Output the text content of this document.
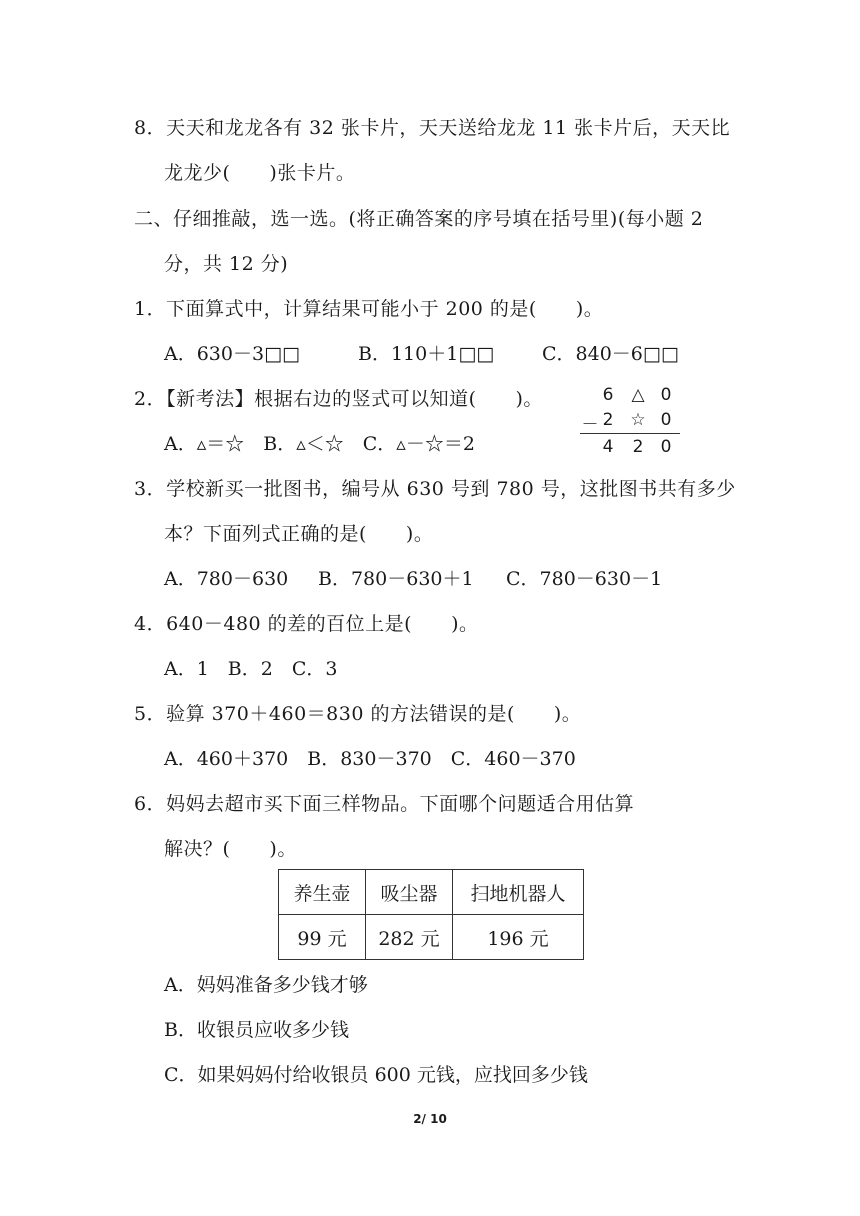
8．天天和龙龙各有 32 张卡片，天天送给龙龙 11 张卡片后，天天比
龙龙少(　　)张卡片。
二、仔细推敲，选一选。(将正确答案的序号填在括号里)(每小题 2
分，共 12 分)
1．下面算式中，计算结果可能小于 200 的是(　　)。
A．630－3□□	B．110＋1□□	C．840－6□□
2．【新考法】根据右边的竖式可以知道(　　)。
A．▵＝☆　B．▵＜☆　C．▵－☆＝2
6 △ 0
－ 2 ☆ 0
4 2 0
3．学校新买一批图书，编号从 630 号到 780 号，这批图书共有多少
本？下面列式正确的是(　　)。
A．780－630 B．780－630＋1 C．780－630－1
4．640－480 的差的百位上是(　　)。
A．1　B．2　C．3
5．验算 370＋460＝830 的方法错误的是(　　)。
A．460＋370　B．830－370　C．460－370
6．妈妈去超市买下面三样物品。下面哪个问题适合用估算
解决？(　　)。
养生壶	吸尘器	扫地机器人
99 元	282 元	196 元
A．妈妈准备多少钱才够
B．收银员应收多少钱
C．如果妈妈付给收银员 600 元钱，应找回多少钱
2/ 10
